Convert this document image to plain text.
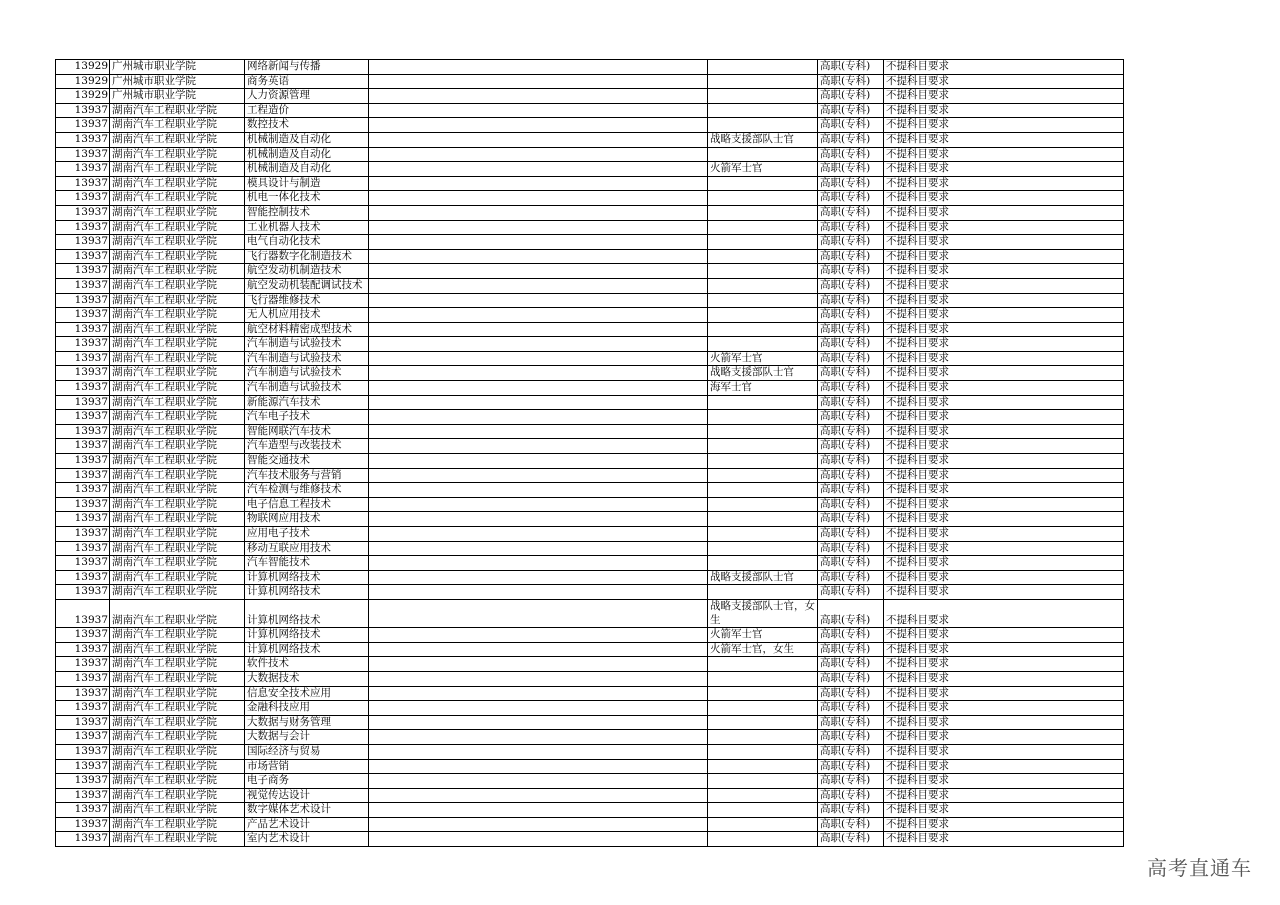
13929	广州城市职业学院	网络新闻与传播			高职(专科)	不提科目要求
13929	广州城市职业学院	商务英语			高职(专科)	不提科目要求
13929	广州城市职业学院	人力资源管理			高职(专科)	不提科目要求
13937	湖南汽车工程职业学院	工程造价			高职(专科)	不提科目要求
13937	湖南汽车工程职业学院	数控技术			高职(专科)	不提科目要求
13937	湖南汽车工程职业学院	机械制造及自动化		战略支援部队士官	高职(专科)	不提科目要求
13937	湖南汽车工程职业学院	机械制造及自动化			高职(专科)	不提科目要求
13937	湖南汽车工程职业学院	机械制造及自动化		火箭军士官	高职(专科)	不提科目要求
13937	湖南汽车工程职业学院	模具设计与制造			高职(专科)	不提科目要求
13937	湖南汽车工程职业学院	机电一体化技术			高职(专科)	不提科目要求
13937	湖南汽车工程职业学院	智能控制技术			高职(专科)	不提科目要求
13937	湖南汽车工程职业学院	工业机器人技术			高职(专科)	不提科目要求
13937	湖南汽车工程职业学院	电气自动化技术			高职(专科)	不提科目要求
13937	湖南汽车工程职业学院	飞行器数字化制造技术			高职(专科)	不提科目要求
13937	湖南汽车工程职业学院	航空发动机制造技术			高职(专科)	不提科目要求
13937	湖南汽车工程职业学院	航空发动机装配调试技术			高职(专科)	不提科目要求
13937	湖南汽车工程职业学院	飞行器维修技术			高职(专科)	不提科目要求
13937	湖南汽车工程职业学院	无人机应用技术			高职(专科)	不提科目要求
13937	湖南汽车工程职业学院	航空材料精密成型技术			高职(专科)	不提科目要求
13937	湖南汽车工程职业学院	汽车制造与试验技术			高职(专科)	不提科目要求
13937	湖南汽车工程职业学院	汽车制造与试验技术		火箭军士官	高职(专科)	不提科目要求
13937	湖南汽车工程职业学院	汽车制造与试验技术		战略支援部队士官	高职(专科)	不提科目要求
13937	湖南汽车工程职业学院	汽车制造与试验技术		海军士官	高职(专科)	不提科目要求
13937	湖南汽车工程职业学院	新能源汽车技术			高职(专科)	不提科目要求
13937	湖南汽车工程职业学院	汽车电子技术			高职(专科)	不提科目要求
13937	湖南汽车工程职业学院	智能网联汽车技术			高职(专科)	不提科目要求
13937	湖南汽车工程职业学院	汽车造型与改装技术			高职(专科)	不提科目要求
13937	湖南汽车工程职业学院	智能交通技术			高职(专科)	不提科目要求
13937	湖南汽车工程职业学院	汽车技术服务与营销			高职(专科)	不提科目要求
13937	湖南汽车工程职业学院	汽车检测与维修技术			高职(专科)	不提科目要求
13937	湖南汽车工程职业学院	电子信息工程技术			高职(专科)	不提科目要求
13937	湖南汽车工程职业学院	物联网应用技术			高职(专科)	不提科目要求
13937	湖南汽车工程职业学院	应用电子技术			高职(专科)	不提科目要求
13937	湖南汽车工程职业学院	移动互联应用技术			高职(专科)	不提科目要求
13937	湖南汽车工程职业学院	汽车智能技术			高职(专科)	不提科目要求
13937	湖南汽车工程职业学院	计算机网络技术		战略支援部队士官	高职(专科)	不提科目要求
13937	湖南汽车工程职业学院	计算机网络技术			高职(专科)	不提科目要求
13937	湖南汽车工程职业学院	计算机网络技术		战略支援部队士官，女生	高职(专科)	不提科目要求
13937	湖南汽车工程职业学院	计算机网络技术		火箭军士官	高职(专科)	不提科目要求
13937	湖南汽车工程职业学院	计算机网络技术		火箭军士官，女生	高职(专科)	不提科目要求
13937	湖南汽车工程职业学院	软件技术			高职(专科)	不提科目要求
13937	湖南汽车工程职业学院	大数据技术			高职(专科)	不提科目要求
13937	湖南汽车工程职业学院	信息安全技术应用			高职(专科)	不提科目要求
13937	湖南汽车工程职业学院	金融科技应用			高职(专科)	不提科目要求
13937	湖南汽车工程职业学院	大数据与财务管理			高职(专科)	不提科目要求
13937	湖南汽车工程职业学院	大数据与会计			高职(专科)	不提科目要求
13937	湖南汽车工程职业学院	国际经济与贸易			高职(专科)	不提科目要求
13937	湖南汽车工程职业学院	市场营销			高职(专科)	不提科目要求
13937	湖南汽车工程职业学院	电子商务			高职(专科)	不提科目要求
13937	湖南汽车工程职业学院	视觉传达设计			高职(专科)	不提科目要求
13937	湖南汽车工程职业学院	数字媒体艺术设计			高职(专科)	不提科目要求
13937	湖南汽车工程职业学院	产品艺术设计			高职(专科)	不提科目要求
13937	湖南汽车工程职业学院	室内艺术设计			高职(专科)	不提科目要求
高考直通车
